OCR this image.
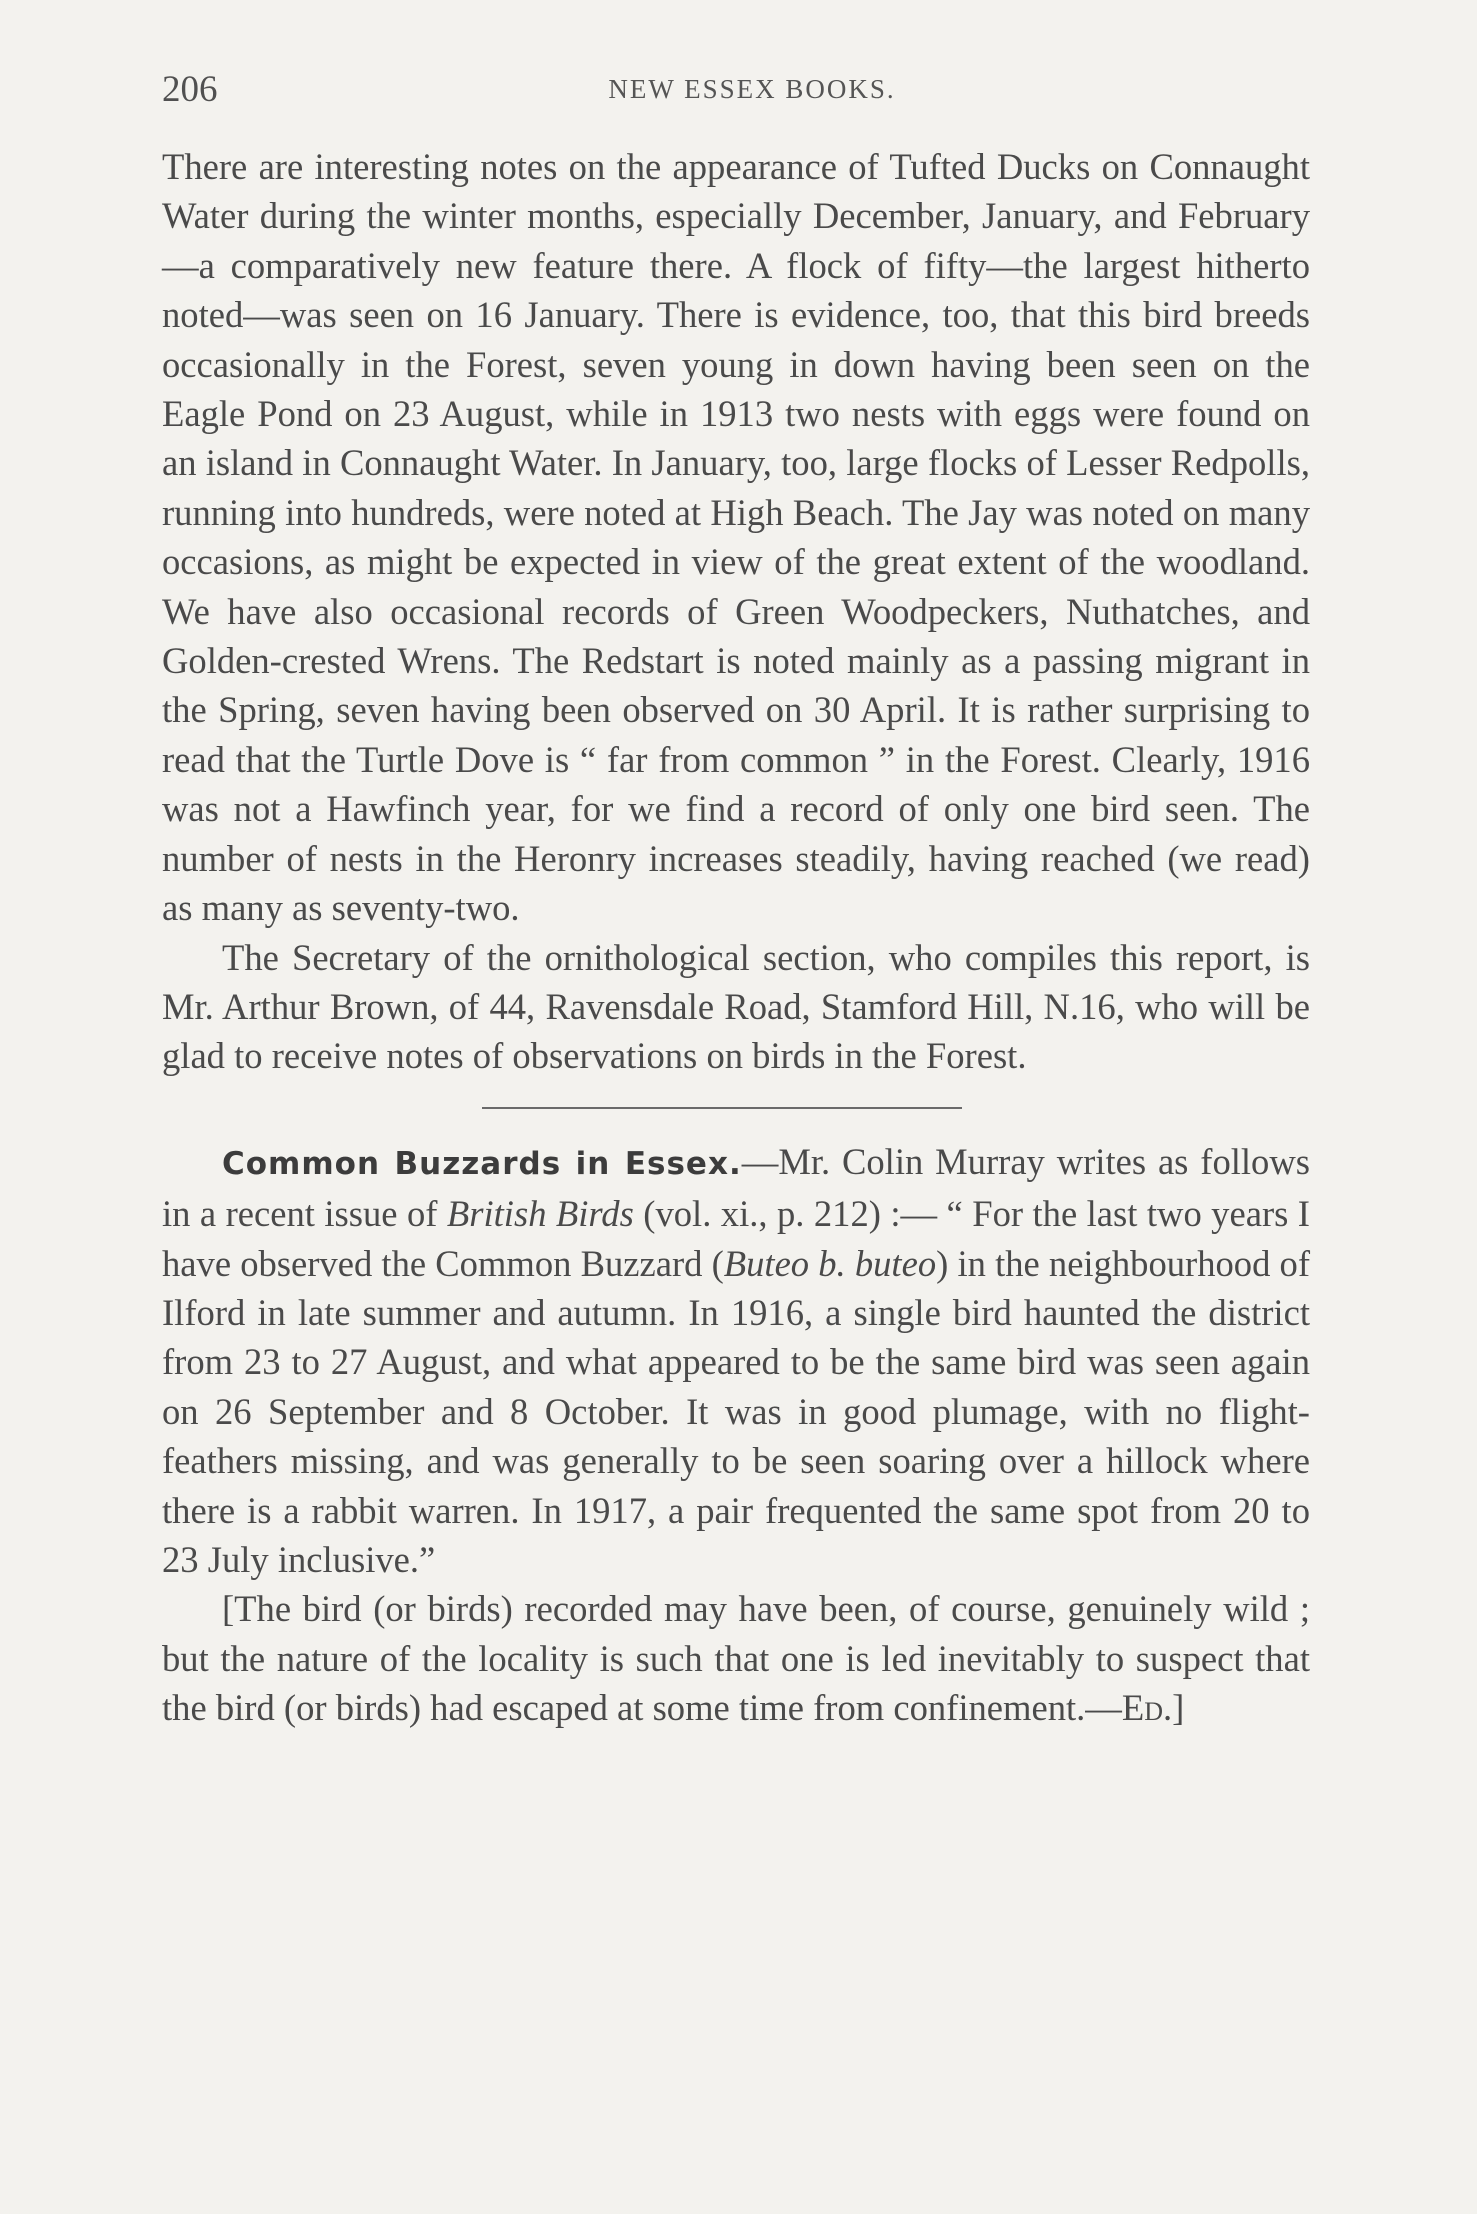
206	NEW ESSEX BOOKS.

There are interesting notes on the appearance of Tufted Ducks on Connaught Water during the winter months, especially December, January, and February—a comparatively new feature there. A flock of fifty—the largest hitherto noted—was seen on 16 January. There is evidence, too, that this bird breeds occasionally in the Forest, seven young in down having been seen on the Eagle Pond on 23 August, while in 1913 two nests with eggs were found on an island in Connaught Water. In January, too, large flocks of Lesser Redpolls, running into hundreds, were noted at High Beach. The Jay was noted on many occasions, as might be expected in view of the great extent of the woodland. We have also occasional records of Green Woodpeckers, Nuthatches, and Golden-crested Wrens. The Redstart is noted mainly as a passing migrant in the Spring, seven having been observed on 30 April. It is rather surprising to read that the Turtle Dove is “ far from common ” in the Forest. Clearly, 1916 was not a Hawfinch year, for we find a record of only one bird seen. The number of nests in the Heronry increases steadily, having reached (we read) as many as seventy-two.

The Secretary of the ornithological section, who compiles this report, is Mr. Arthur Brown, of 44, Ravensdale Road, Stamford Hill, N.16, who will be glad to receive notes of observations on birds in the Forest.

Common Buzzards in Essex.—Mr. Colin Murray writes as follows in a recent issue of British Birds (vol. xi., p. 212) :— “ For the last two years I have observed the Common Buzzard (Buteo b. buteo) in the neighbourhood of Ilford in late summer and autumn. In 1916, a single bird haunted the district from 23 to 27 August, and what appeared to be the same bird was seen again on 26 September and 8 October. It was in good plumage, with no flight-feathers missing, and was generally to be seen soaring over a hillock where there is a rabbit warren. In 1917, a pair frequented the same spot from 20 to 23 July inclusive.”

[The bird (or birds) recorded may have been, of course, genuinely wild ; but the nature of the locality is such that one is led inevitably to suspect that the bird (or birds) had escaped at some time from confinement.—Ed.]
